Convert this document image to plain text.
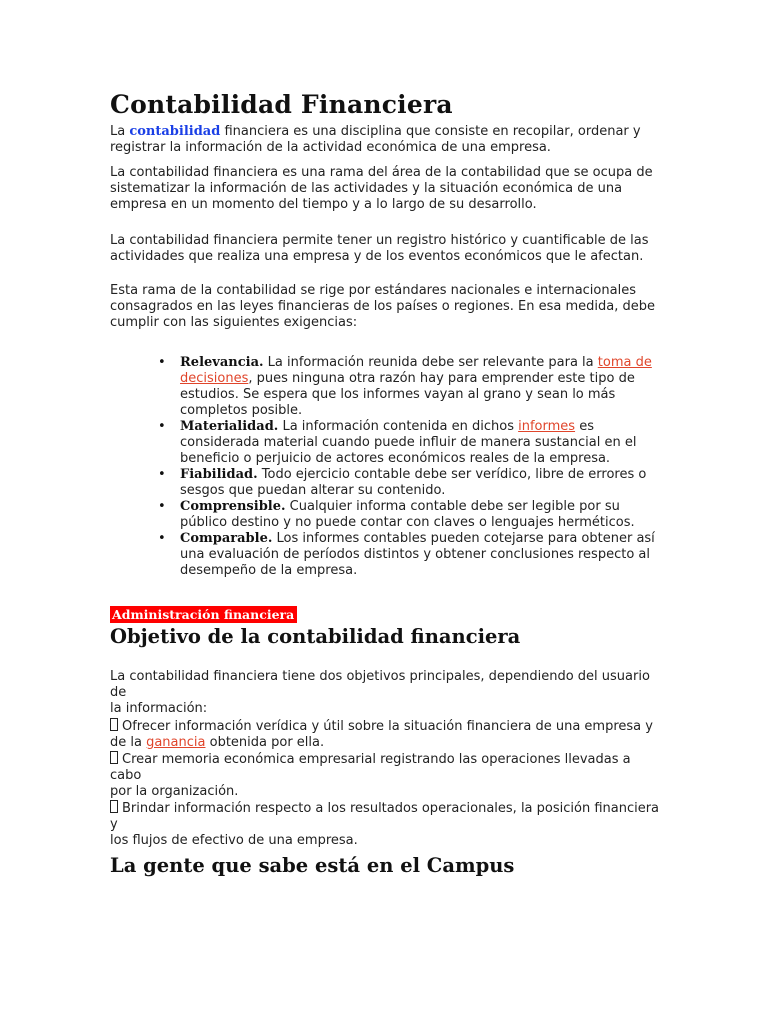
Contabilidad Financiera

La contabilidad financiera es una disciplina que consiste en recopilar, ordenar y
registrar la información de la actividad económica de una empresa.

La contabilidad financiera es una rama del área de la contabilidad que se ocupa de
sistematizar la información de las actividades y la situación económica de una
empresa en un momento del tiempo y a lo largo de su desarrollo.

La contabilidad financiera permite tener un registro histórico y cuantificable de las
actividades que realiza una empresa y de los eventos económicos que le afectan.

Esta rama de la contabilidad se rige por estándares nacionales e internacionales
consagrados en las leyes financieras de los países o regiones. En esa medida, debe
cumplir con las siguientes exigencias:

• Relevancia. La información reunida debe ser relevante para la toma de
decisiones, pues ninguna otra razón hay para emprender este tipo de
estudios. Se espera que los informes vayan al grano y sean lo más
completos posible.
• Materialidad. La información contenida en dichos informes es
considerada material cuando puede influir de manera sustancial en el
beneficio o perjuicio de actores económicos reales de la empresa.
• Fiabilidad. Todo ejercicio contable debe ser verídico, libre de errores o
sesgos que puedan alterar su contenido.
• Comprensible. Cualquier informa contable debe ser legible por su
público destino y no puede contar con claves o lenguajes herméticos.
• Comparable. Los informes contables pueden cotejarse para obtener así
una evaluación de períodos distintos y obtener conclusiones respecto al
desempeño de la empresa.
Administración financiera
Objetivo de la contabilidad financiera

La contabilidad financiera tiene dos objetivos principales, dependiendo del usuario de
la información:

Ofrecer información verídica y útil sobre la situación financiera de una empresa y
de la ganancia obtenida por ella.
Crear memoria económica empresarial registrando las operaciones llevadas a cabo
por la organización.
Brindar información respecto a los resultados operacionales, la posición financiera y
los flujos de efectivo de una empresa.
La gente que sabe está en el Campus
